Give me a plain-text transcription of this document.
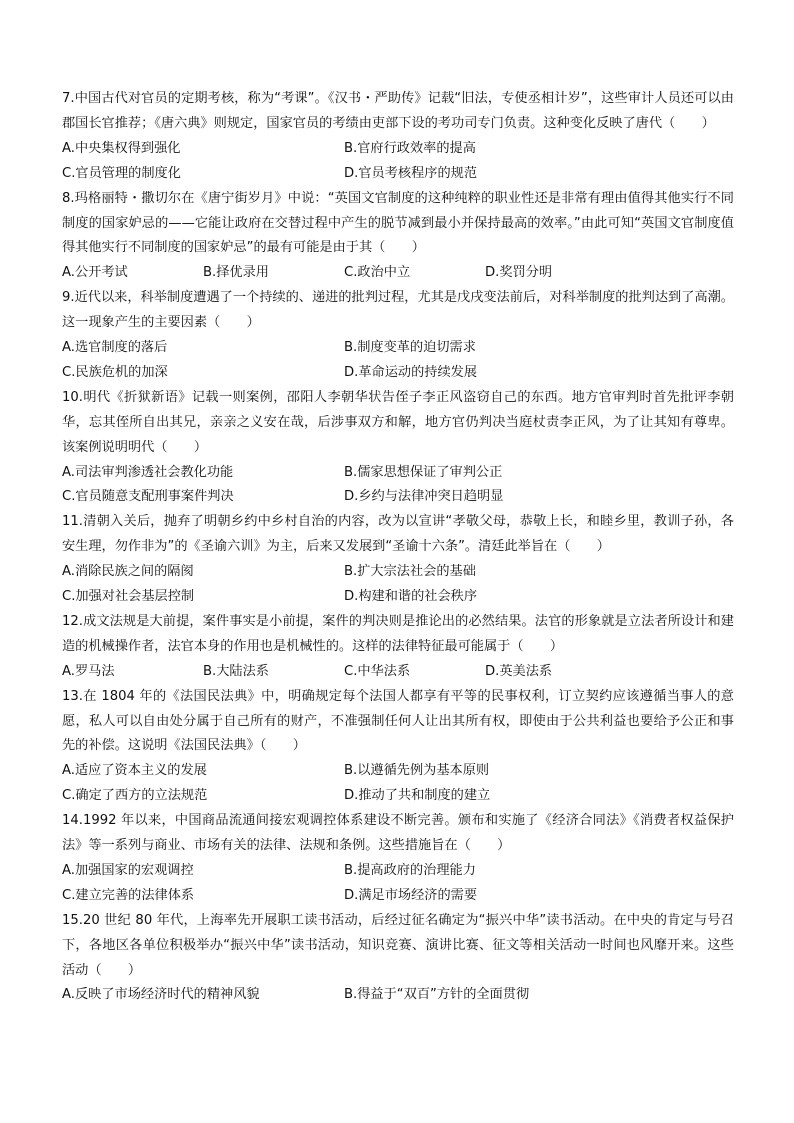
7.中国古代对官员的定期考核，称为“考课”。《汉书・严助传》记载“旧法，专使丞相计岁”，这些审计人员还可以由郡国长官推荐；《唐六典》则规定，国家官员的考绩由吏部下设的考功司专门负责。这种变化反映了唐代（　　）

A.中央集权得到强化	B.官府行政效率的提高
C.官员管理的制度化	D.官员考核程序的规范

8.玛格丽特・撒切尔在《唐宁街岁月》中说：“英国文官制度的这种纯粹的职业性还是非常有理由值得其他实行不同制度的国家妒忌的——它能让政府在交替过程中产生的脱节减到最小并保持最高的效率。”由此可知“英国文官制度值得其他实行不同制度的国家妒忌”的最有可能是由于其（　　）

A.公开考试	B.择优录用	C.政治中立	D.奖罚分明

9.近代以来，科举制度遭遇了一个持续的、递进的批判过程，尤其是戊戌变法前后，对科举制度的批判达到了高潮。这一现象产生的主要因素（　　）

A.选官制度的落后	B.制度变革的迫切需求
C.民族危机的加深	D.革命运动的持续发展

10.明代《折狱新语》记载一则案例，邵阳人李朝华状告侄子李正风盗窃自己的东西。地方官审判时首先批评李朝华，忘其侄所自出其兄，亲亲之义安在哉，后涉事双方和解，地方官仍判决当庭杖责李正风，为了让其知有尊卑。该案例说明明代（　　）

A.司法审判渗透社会教化功能	B.儒家思想保证了审判公正
C.官员随意支配刑事案件判决	D.乡约与法律冲突日趋明显

11.清朝入关后，抛弃了明朝乡约中乡村自治的内容，改为以宣讲“孝敬父母，恭敬上长，和睦乡里，教训子孙，各安生理，勿作非为”的《圣谕六训》为主，后来又发展到“圣谕十六条”。清廷此举旨在（　　）

A.消除民族之间的隔阂	B.扩大宗法社会的基础
C.加强对社会基层控制	D.构建和谐的社会秩序

12.成文法规是大前提，案件事实是小前提，案件的判决则是推论出的必然结果。法官的形象就是立法者所设计和建造的机械操作者，法官本身的作用也是机械性的。这样的法律特征最可能属于（　　）

A.罗马法	B.大陆法系	C.中华法系	D.英美法系

13.在 1804 年的《法国民法典》中，明确规定每个法国人都享有平等的民事权利，订立契约应该遵循当事人的意愿，私人可以自由处分属于自己所有的财产，不准强制任何人让出其所有权，即使由于公共利益也要给予公正和事先的补偿。这说明《法国民法典》（　　）

A.适应了资本主义的发展	B.以遵循先例为基本原则
C.确定了西方的立法规范	D.推动了共和制度的建立

14.1992 年以来，中国商品流通间接宏观调控体系建设不断完善。颁布和实施了《经济合同法》《消费者权益保护法》等一系列与商业、市场有关的法律、法规和条例。这些措施旨在（　　）

A.加强国家的宏观调控	B.提高政府的治理能力
C.建立完善的法律体系	D.满足市场经济的需要

15.20 世纪 80 年代，上海率先开展职工读书活动，后经过征名确定为“振兴中华”读书活动。在中央的肯定与号召下，各地区各单位积极举办“振兴中华”读书活动，知识竞赛、演讲比赛、征文等相关活动一时间也风靡开来。这些活动（　　）

A.反映了市场经济时代的精神风貌	B.得益于“双百”方针的全面贯彻
